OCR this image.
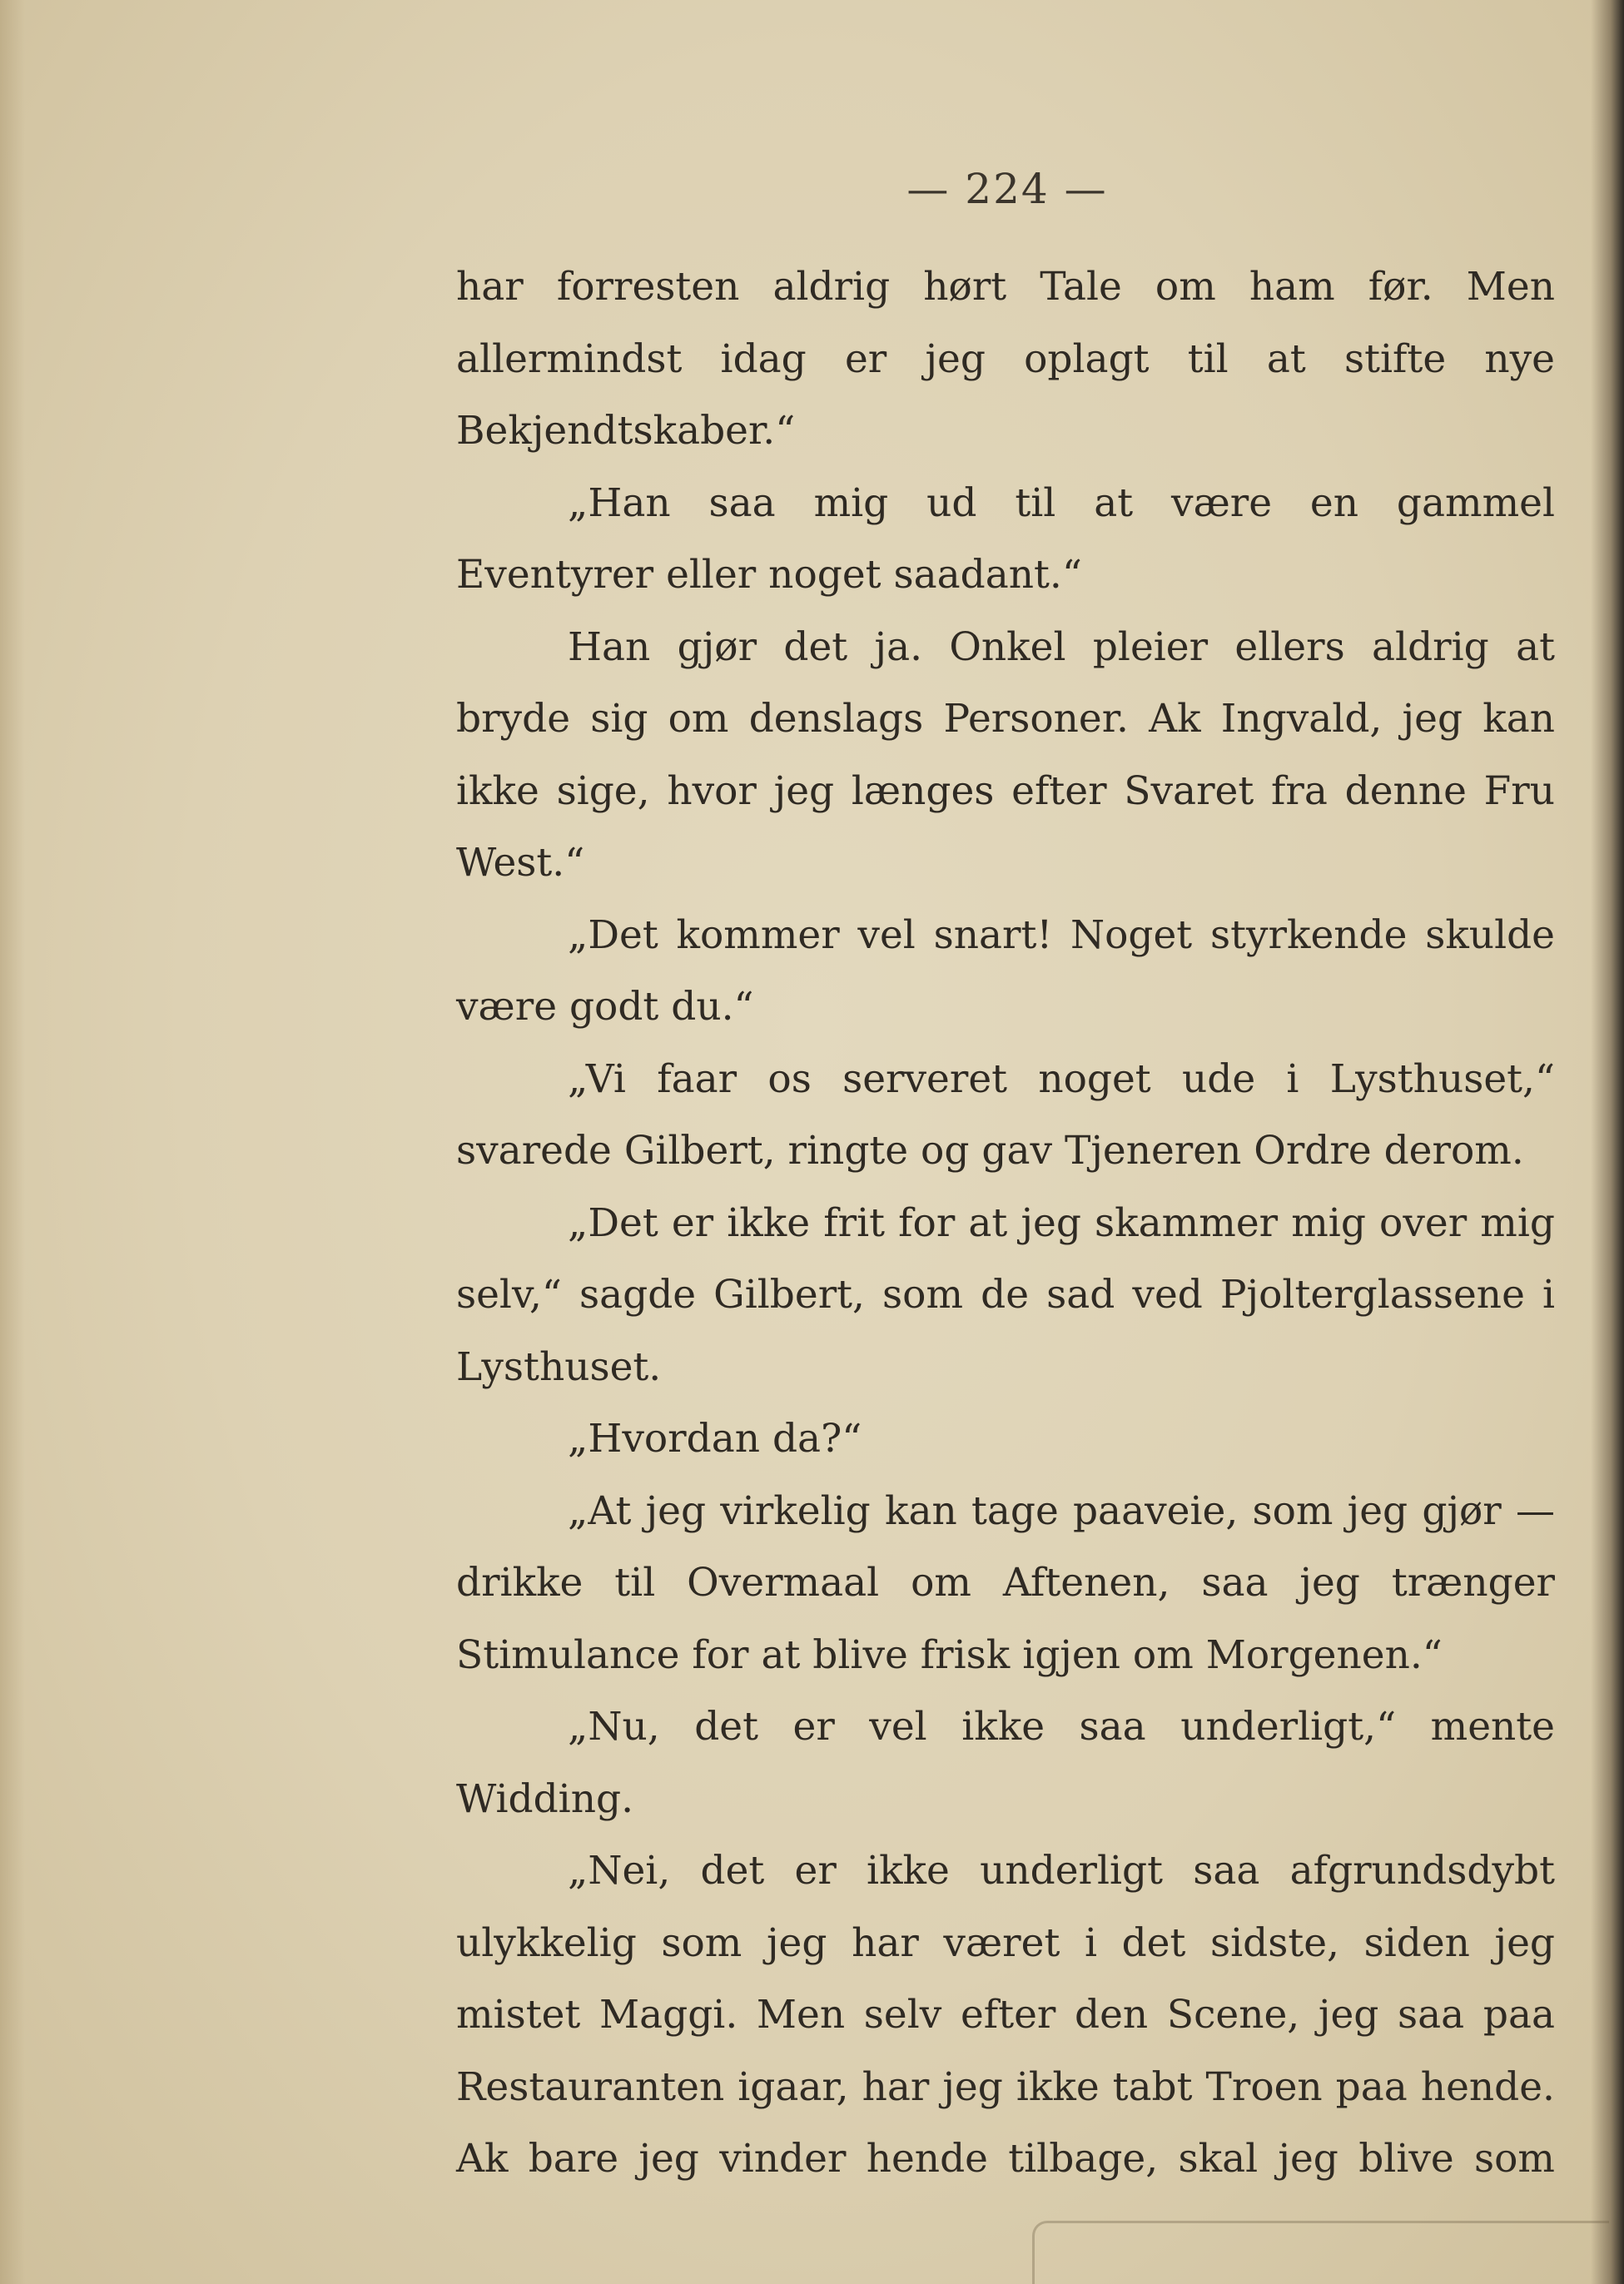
— 224 —

har forresten aldrig hørt Tale om ham før. Men allermindst idag er jeg oplagt til at stifte nye Bekjendtskaber.“

„Han saa mig ud til at være en gammel Eventyrer eller noget saadant.“

Han gjør det ja. Onkel pleier ellers aldrig at bryde sig om denslags Personer. Ak Ingvald, jeg kan ikke sige, hvor jeg længes efter Svaret fra denne Fru West.“

„Det kommer vel snart! Noget styrkende skulde være godt du.“

„Vi faar os serveret noget ude i Lysthuset,“ svarede Gilbert, ringte og gav Tjeneren Ordre derom.

„Det er ikke frit for at jeg skammer mig over mig selv,“ sagde Gilbert, som de sad ved Pjolterglassene i Lysthuset.

„Hvordan da?“

„At jeg virkelig kan tage paaveie, som jeg gjør — drikke til Overmaal om Aftenen, saa jeg trænger Stimulance for at blive frisk igjen om Morgenen.“

„Nu, det er vel ikke saa underligt,“ mente Widding.

„Nei, det er ikke underligt saa afgrundsdybt ulykkelig som jeg har været i det sidste, siden jeg mistet Maggi. Men selv efter den Scene, jeg saa paa Restauranten igaar, har jeg ikke tabt Troen paa hende. Ak bare jeg vinder hende tilbage, skal jeg blive som
